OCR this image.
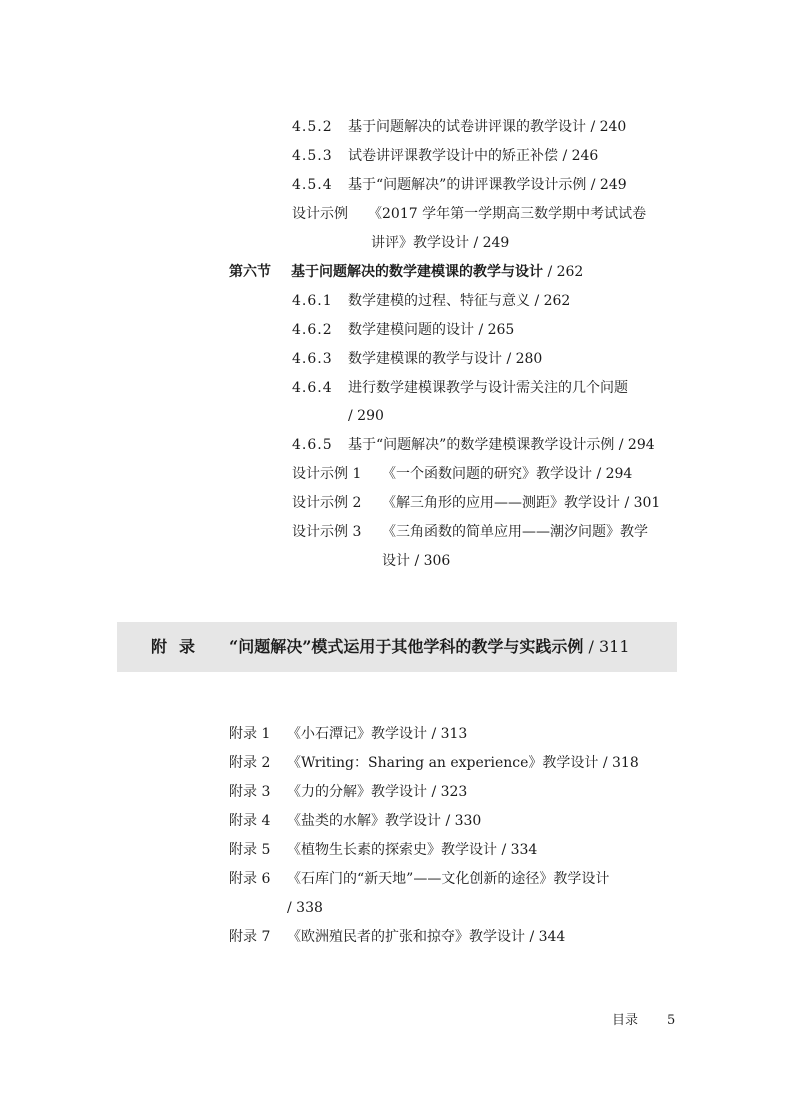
4.5.2 基于问题解决的试卷讲评课的教学设计 / 240
4.5.3 试卷讲评课教学设计中的矫正补偿 / 246
4.5.4 基于“问题解决”的讲评课教学设计示例 / 249
设计示例 《2017 学年第一学期高三数学期中考试试卷
讲评》教学设计 / 249
第六节 基于问题解决的数学建模课的教学与设计 / 262
4.6.1 数学建模的过程、特征与意义 / 262
4.6.2 数学建模问题的设计 / 265
4.6.3 数学建模课的教学与设计 / 280
4.6.4 进行数学建模课教学与设计需关注的几个问题
/ 290
4.6.5 基于“问题解决”的数学建模课教学设计示例 / 294
设计示例 1 《一个函数问题的研究》教学设计 / 294
设计示例 2 《解三角形的应用——测距》教学设计 / 301
设计示例 3 《三角函数的简单应用——潮汐问题》教学
设计 / 306
附录 “问题解决”模式运用于其他学科的教学与实践示例 / 311
附录 1 《小石潭记》教学设计 / 313
附录 2 《Writing：Sharing an experience》教学设计 / 318
附录 3 《力的分解》教学设计 / 323
附录 4 《盐类的水解》教学设计 / 330
附录 5 《植物生长素的探索史》教学设计 / 334
附录 6 《石库门的“新天地”——文化创新的途径》教学设计
/ 338
附录 7 《欧洲殖民者的扩张和掠夺》教学设计 / 344
目录 5
